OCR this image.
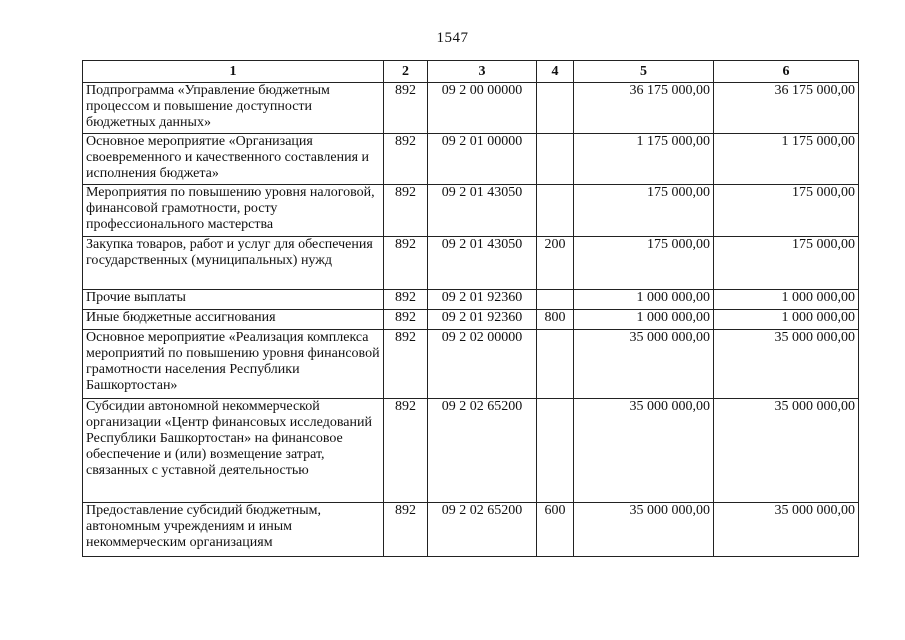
1547
1	2	3	4	5	6
Подпрограмма «Управление бюджетным процессом и повышение доступности бюджетных данных»	892	09 2 00 00000		36 175 000,00	36 175 000,00
Основное мероприятие «Организация своевременного и качественного составления и исполнения бюджета»	892	09 2 01 00000		1 175 000,00	1 175 000,00
Мероприятия по повышению уровня налоговой, финансовой грамотности, росту профессионального мастерства	892	09 2 01 43050		175 000,00	175 000,00
Закупка товаров, работ и услуг для обеспечения государственных (муниципальных) нужд	892	09 2 01 43050	200	175 000,00	175 000,00
Прочие выплаты	892	09 2 01 92360		1 000 000,00	1 000 000,00
Иные бюджетные ассигнования	892	09 2 01 92360	800	1 000 000,00	1 000 000,00
Основное мероприятие «Реализация комплекса мероприятий по повышению уровня финансовой грамотности населения Республики Башкортостан»	892	09 2 02 00000		35 000 000,00	35 000 000,00
Субсидии автономной некоммерческой организации «Центр финансовых исследований Республики Башкортостан» на финансовое обеспечение и (или) возмещение затрат, связанных с уставной деятельностью	892	09 2 02 65200		35 000 000,00	35 000 000,00
Предоставление субсидий бюджетным, автономным учреждениям и иным некоммерческим организациям	892	09 2 02 65200	600	35 000 000,00	35 000 000,00
